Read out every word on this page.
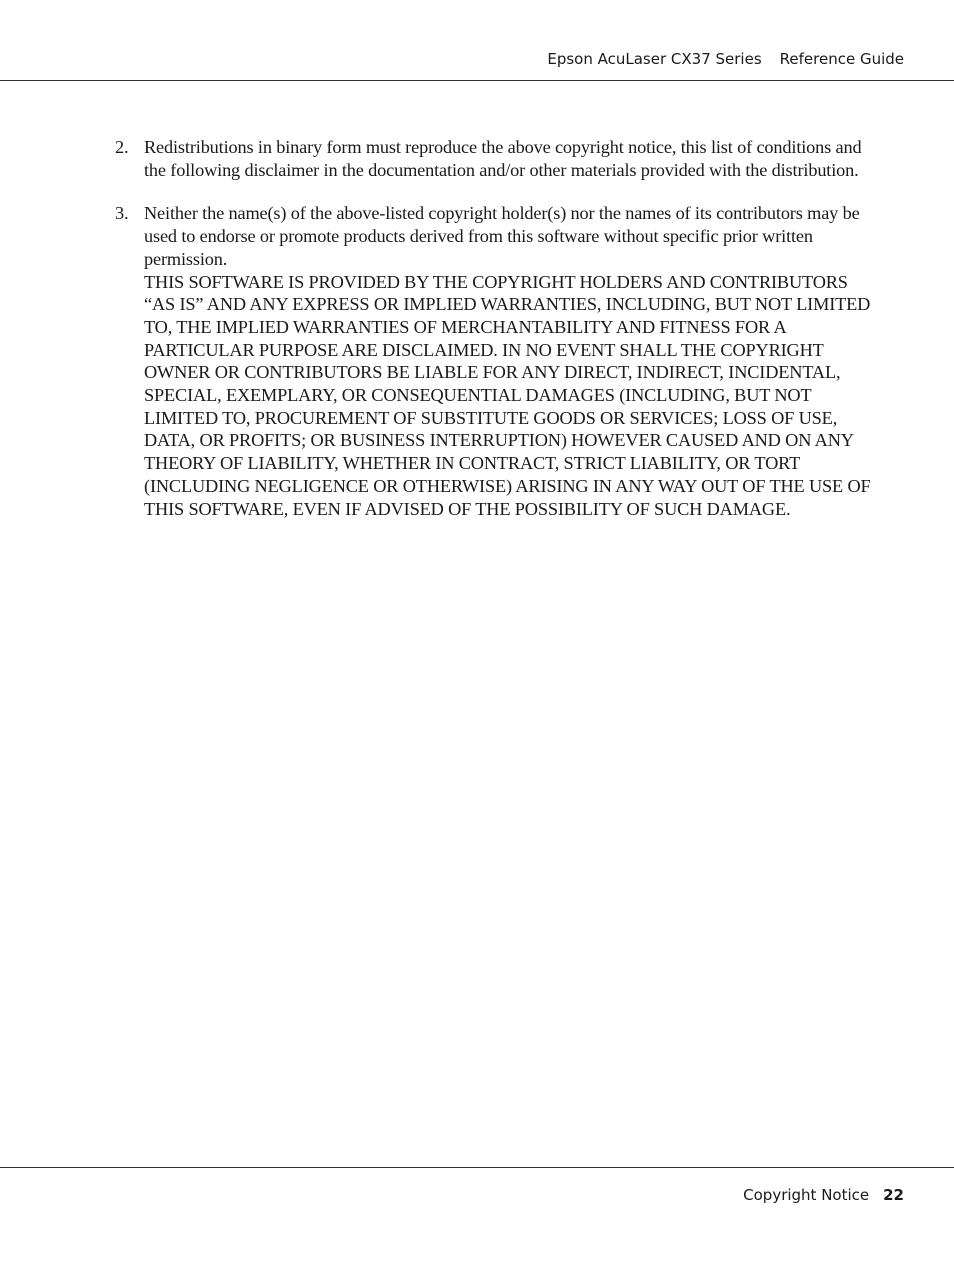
Epson AcuLaser CX37 Series Reference Guide
2. Redistributions in binary form must reproduce the above copyright notice, this list of conditions and the following disclaimer in the documentation and/or other materials provided with the distribution.

3. Neither the name(s) of the above-listed copyright holder(s) nor the names of its contributors may be used to endorse or promote products derived from this software without specific prior written permission.

THIS SOFTWARE IS PROVIDED BY THE COPYRIGHT HOLDERS AND CONTRIBUTORS “AS IS” AND ANY EXPRESS OR IMPLIED WARRANTIES, INCLUDING, BUT NOT LIMITED TO, THE IMPLIED WARRANTIES OF MERCHANTABILITY AND FITNESS FOR A PARTICULAR PURPOSE ARE DISCLAIMED. IN NO EVENT SHALL THE COPYRIGHT OWNER OR CONTRIBUTORS BE LIABLE FOR ANY DIRECT, INDIRECT, INCIDENTAL, SPECIAL, EXEMPLARY, OR CONSEQUENTIAL DAMAGES (INCLUDING, BUT NOT LIMITED TO, PROCUREMENT OF SUBSTITUTE GOODS OR SERVICES; LOSS OF USE, DATA, OR PROFITS; OR BUSINESS INTERRUPTION) HOWEVER CAUSED AND ON ANY THEORY OF LIABILITY, WHETHER IN CONTRACT, STRICT LIABILITY, OR TORT (INCLUDING NEGLIGENCE OR OTHERWISE) ARISING IN ANY WAY OUT OF THE USE OF THIS SOFTWARE, EVEN IF ADVISED OF THE POSSIBILITY OF SUCH DAMAGE.

Copyright Notice 22
